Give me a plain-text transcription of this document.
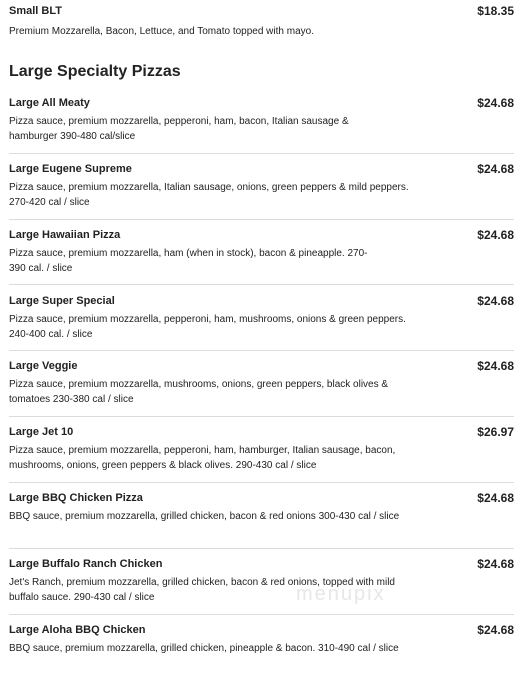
Small BLT	$18.35
Premium Mozzarella, Bacon, Lettuce, and Tomato topped with mayo.
Large Specialty Pizzas
Large All Meaty	$24.68
Pizza sauce, premium mozzarella, pepperoni, ham, bacon, Italian sausage & hamburger 390-480 cal/slice
Large Eugene Supreme	$24.68
Pizza sauce, premium mozzarella, Italian sausage, onions, green peppers & mild peppers. 270-420 cal / slice
Large Hawaiian Pizza	$24.68
Pizza sauce, premium mozzarella, ham (when in stock), bacon & pineapple. 270-390 cal. / slice
Large Super Special	$24.68
Pizza sauce, premium mozzarella, pepperoni, ham, mushrooms, onions & green peppers. 240-400 cal. / slice
Large Veggie	$24.68
Pizza sauce, premium mozzarella, mushrooms, onions, green peppers, black olives & tomatoes 230-380 cal / slice
Large Jet 10	$26.97
Pizza sauce, premium mozzarella, pepperoni, ham, hamburger, Italian sausage, bacon, mushrooms, onions, green peppers & black olives. 290-430 cal / slice
Large BBQ Chicken Pizza	$24.68
BBQ sauce, premium mozzarella, grilled chicken, bacon & red onions 300-430 cal / slice
Large Buffalo Ranch Chicken	$24.68
Jet's Ranch, premium mozzarella, grilled chicken, bacon & red onions, topped with mild buffalo sauce. 290-430 cal / slice
Large Aloha BBQ Chicken	$24.68
BBQ sauce, premium mozzarella, grilled chicken, pineapple & bacon. 310-490 cal / slice
menupix
